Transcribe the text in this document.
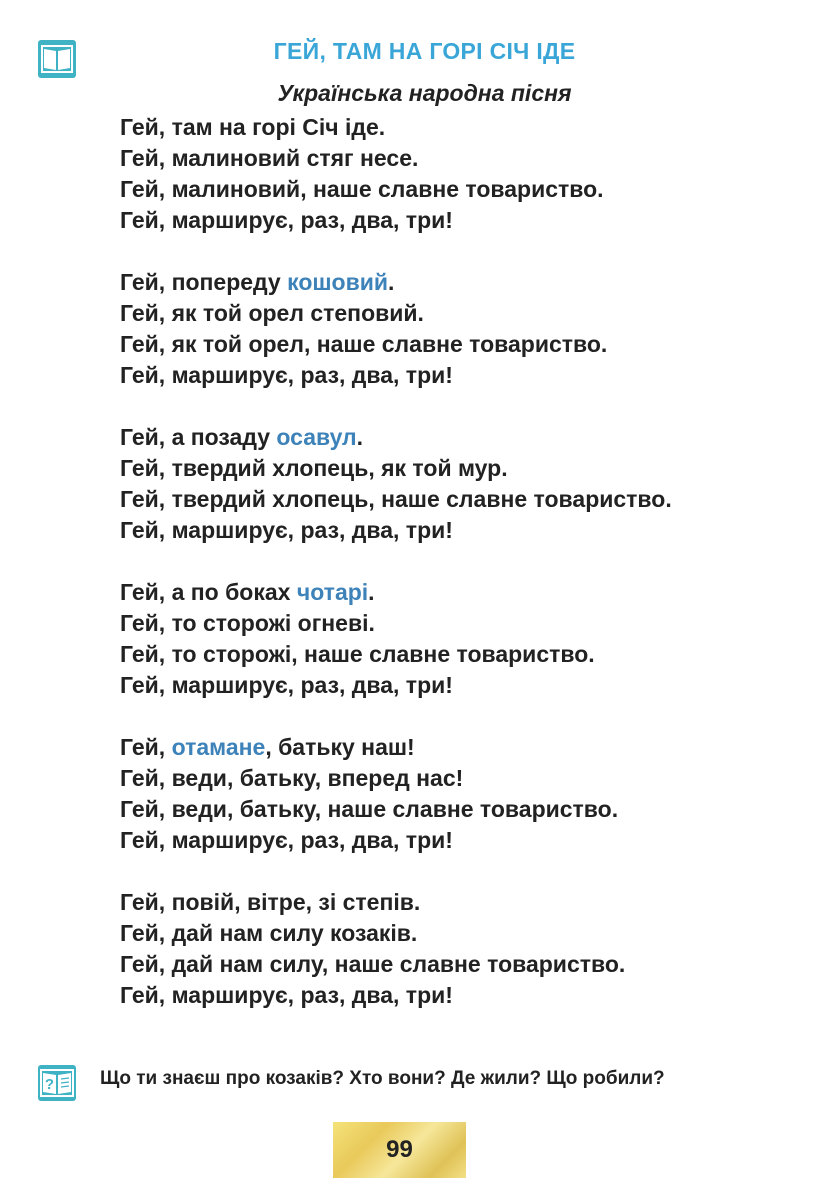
ГЕЙ, ТАМ НА ГОРІ СІЧ ІДЕ
Українська народна пісня
Гей, там на горі Січ іде.
Гей, малиновий стяг несе.
Гей, малиновий, наше славне товариство.
Гей, марширує, раз, два, три!
Гей, попереду кошовий.
Гей, як той орел степовий.
Гей, як той орел, наше славне товариство.
Гей, марширує, раз, два, три!
Гей, а позаду осавул.
Гей, твердий хлопець, як той мур.
Гей, твердий хлопець, наше славне товариство.
Гей, марширує, раз, два, три!
Гей, а по боках чотарі.
Гей, то сторожі огневі.
Гей, то сторожі, наше славне товариство.
Гей, марширує, раз, два, три!
Гей, отамане, батьку наш!
Гей, веди, батьку, вперед нас!
Гей, веди, батьку, наше славне товариство.
Гей, марширує, раз, два, три!
Гей, повій, вітре, зі степів.
Гей, дай нам силу козаків.
Гей, дай нам силу, наше славне товариство.
Гей, марширує, раз, два, три!
? Що ти знаєш про козаків? Хто вони? Де жили? Що робили?
99
